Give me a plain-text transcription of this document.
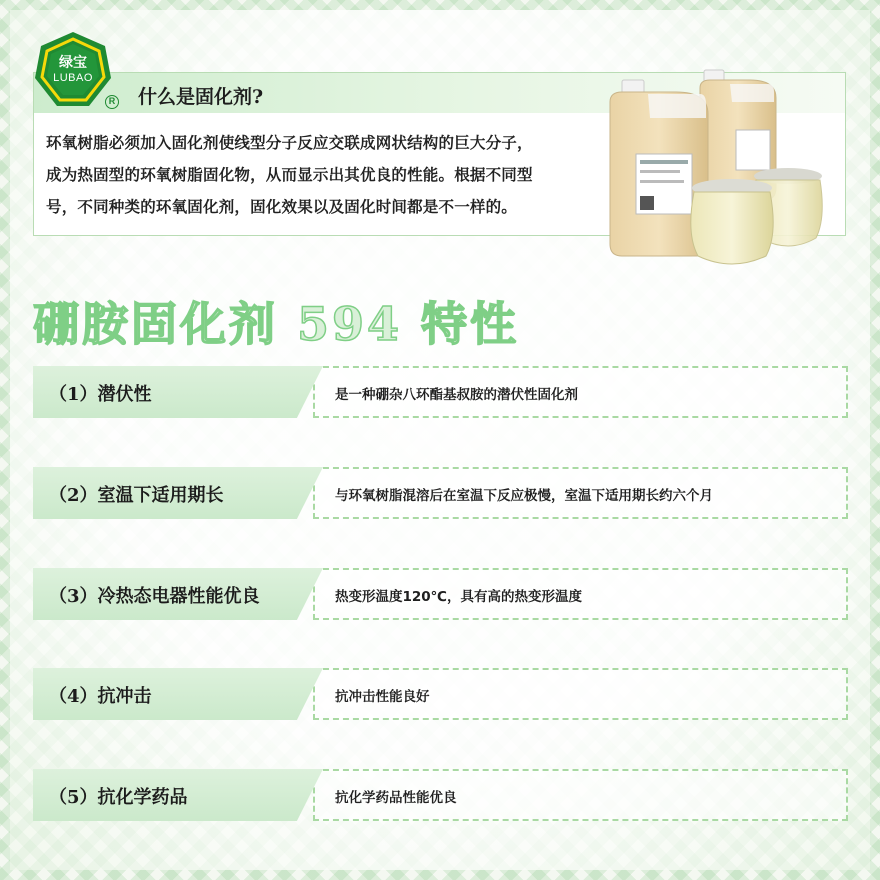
什么是固化剂?
环氧树脂必须加入固化剂使线型分子反应交联成网状结构的巨大分子，
成为热固型的环氧树脂固化物，从而显示出其优良的性能。根据不同型
号，不同种类的环氧固化剂，固化效果以及固化时间都是不一样的。
绿宝
LUBAO
R
硼胺固化剂 594 特性
是一种硼杂八环酯基叔胺的潜伏性固化剂
（1）潜伏性
与环氧树脂混溶后在室温下反应极慢，室温下适用期长约六个月
（2）室温下适用期长
热变形温度120℃，具有高的热变形温度
（3）冷热态电器性能优良
抗冲击性能良好
（4）抗冲击
抗化学药品性能优良
（5）抗化学药品
